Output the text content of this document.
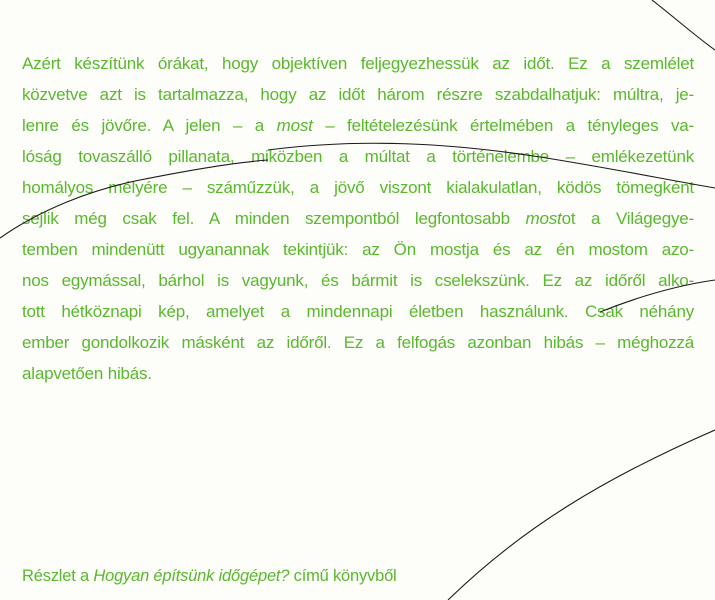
Azért készítünk órákat, hogy objektíven feljegyezhessük az időt. Ez a szemlélet
közvetve azt is tartalmazza, hogy az időt három részre szabdalhatjuk: múltra, je-
lenre és jövőre. A jelen – a most – feltételezésünk értelmében a tényleges va-
lóság tovaszálló pillanata, miközben a múltat a történelembe – emlékezetünk
homályos mélyére – száműzzük, a jövő viszont kialakulatlan, ködös tömegként
sejlik még csak fel. A minden szempontból legfontosabb mostot a Világegye-
temben mindenütt ugyanannak tekintjük: az Ön mostja és az én mostom azo-
nos egymással, bárhol is vagyunk, és bármit is cselekszünk. Ez az időről alko-
tott hétköznapi kép, amelyet a mindennapi életben használunk. Csak néhány
ember gondolkozik másként az időről. Ez a felfogás azonban hibás – méghozzá
alapvetően hibás.
Részlet a Hogyan építsünk időgépet? című könyvből
